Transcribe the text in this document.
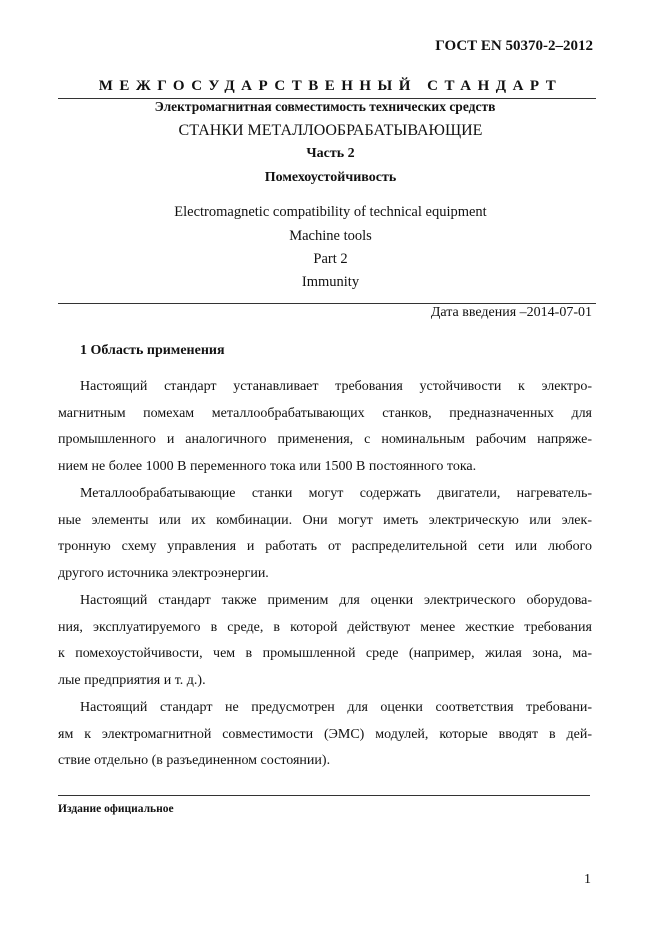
ГОСТ EN 50370-2–2012
МЕЖГОСУДАРСТВЕННЫЙ СТАНДАРТ
Электромагнитная совместимость технических средств
СТАНКИ МЕТАЛЛООБРАБАТЫВАЮЩИЕ
Часть 2
Помехоустойчивость
Electromagnetic compatibility of technical equipment
Machine tools
Part 2
Immunity
Дата введения –2014-07-01
1 Область применения
Настоящий стандарт устанавливает требования устойчивости к электро-
магнитным помехам металлообрабатывающих станков, предназначенных для
промышленного и аналогичного применения, с номинальным рабочим напряже-
нием не более 1000 В переменного тока или 1500 В постоянного тока.
Металлообрабатывающие станки могут содержать двигатели, нагреватель-
ные элементы или их комбинации. Они могут иметь электрическую или элек-
тронную схему управления и работать от распределительной сети или любого
другого источника электроэнергии.
Настоящий стандарт также применим для оценки электрического оборудова-
ния, эксплуатируемого в среде, в которой действуют менее жесткие требования
к помехоустойчивости, чем в промышленной среде (например, жилая зона, ма-
лые предприятия и т. д.).
Настоящий стандарт не предусмотрен для оценки соответствия требовани-
ям к электромагнитной совместимости (ЭМС) модулей, которые вводят в дей-
ствие отдельно (в разъединенном состоянии).
Издание официальное
1
